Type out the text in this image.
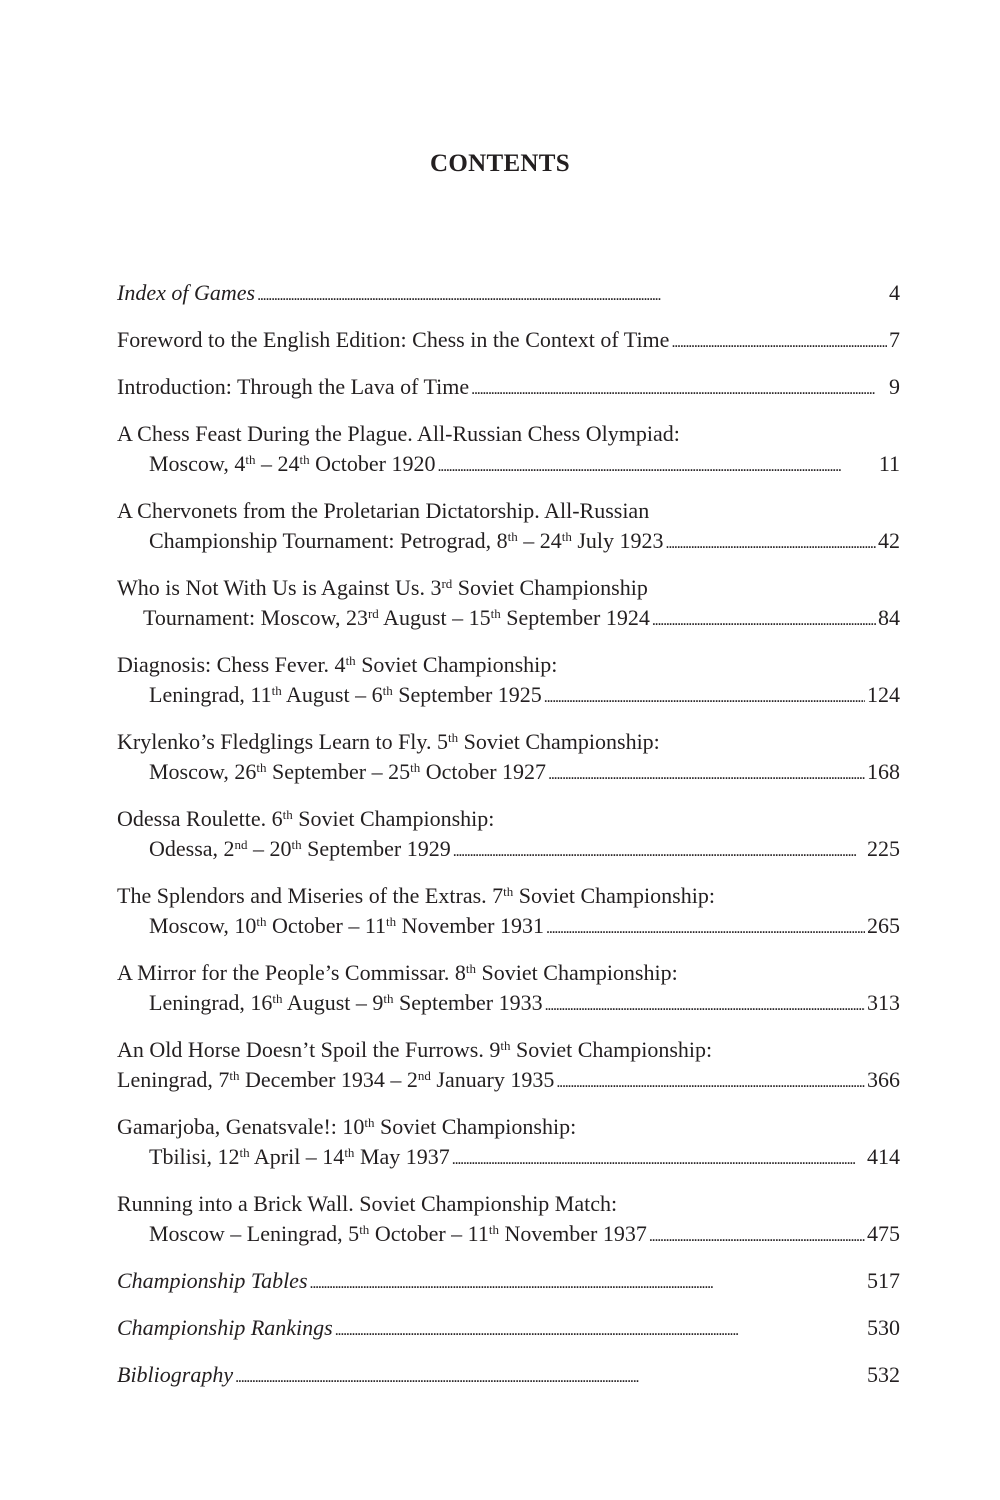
CONTENTS
Index of Games . . .	4
Foreword to the English Edition: Chess in the Context of Time . . .	7
Introduction: Through the Lava of Time . . .	9
A Chess Feast During the Plague. All-Russian Chess Olympiad:
Moscow, 4th – 24th October 1920 . . .	11
A Chervonets from the Proletarian Dictatorship. All-Russian
Championship Tournament: Petrograd, 8th – 24th July 1923 . . .	42
Who is Not With Us is Against Us. 3rd Soviet Championship
Tournament: Moscow, 23rd August – 15th September 1924 . . .	84
Diagnosis: Chess Fever. 4th Soviet Championship:
Leningrad, 11th August – 6th September 1925 . . .	124
Krylenko’s Fledglings Learn to Fly. 5th Soviet Championship:
Moscow, 26th September – 25th October 1927 . . .	168
Odessa Roulette. 6th Soviet Championship:
Odessa, 2nd – 20th September 1929 . . .	225
The Splendors and Miseries of the Extras. 7th Soviet Championship:
Moscow, 10th October – 11th November 1931 . . .	265
A Mirror for the People’s Commissar. 8th Soviet Championship:
Leningrad, 16th August – 9th September 1933 . . .	313
An Old Horse Doesn’t Spoil the Furrows. 9th Soviet Championship:
Leningrad, 7th December 1934 – 2nd January 1935 . . .	366
Gamarjoba, Genatsvale!: 10th Soviet Championship:
Tbilisi, 12th April – 14th May 1937 . . .	414
Running into a Brick Wall. Soviet Championship Match:
Moscow – Leningrad, 5th October – 11th November 1937 . . .	475
Championship Tables . . .	517
Championship Rankings . . .	530
Bibliography . . .	532
